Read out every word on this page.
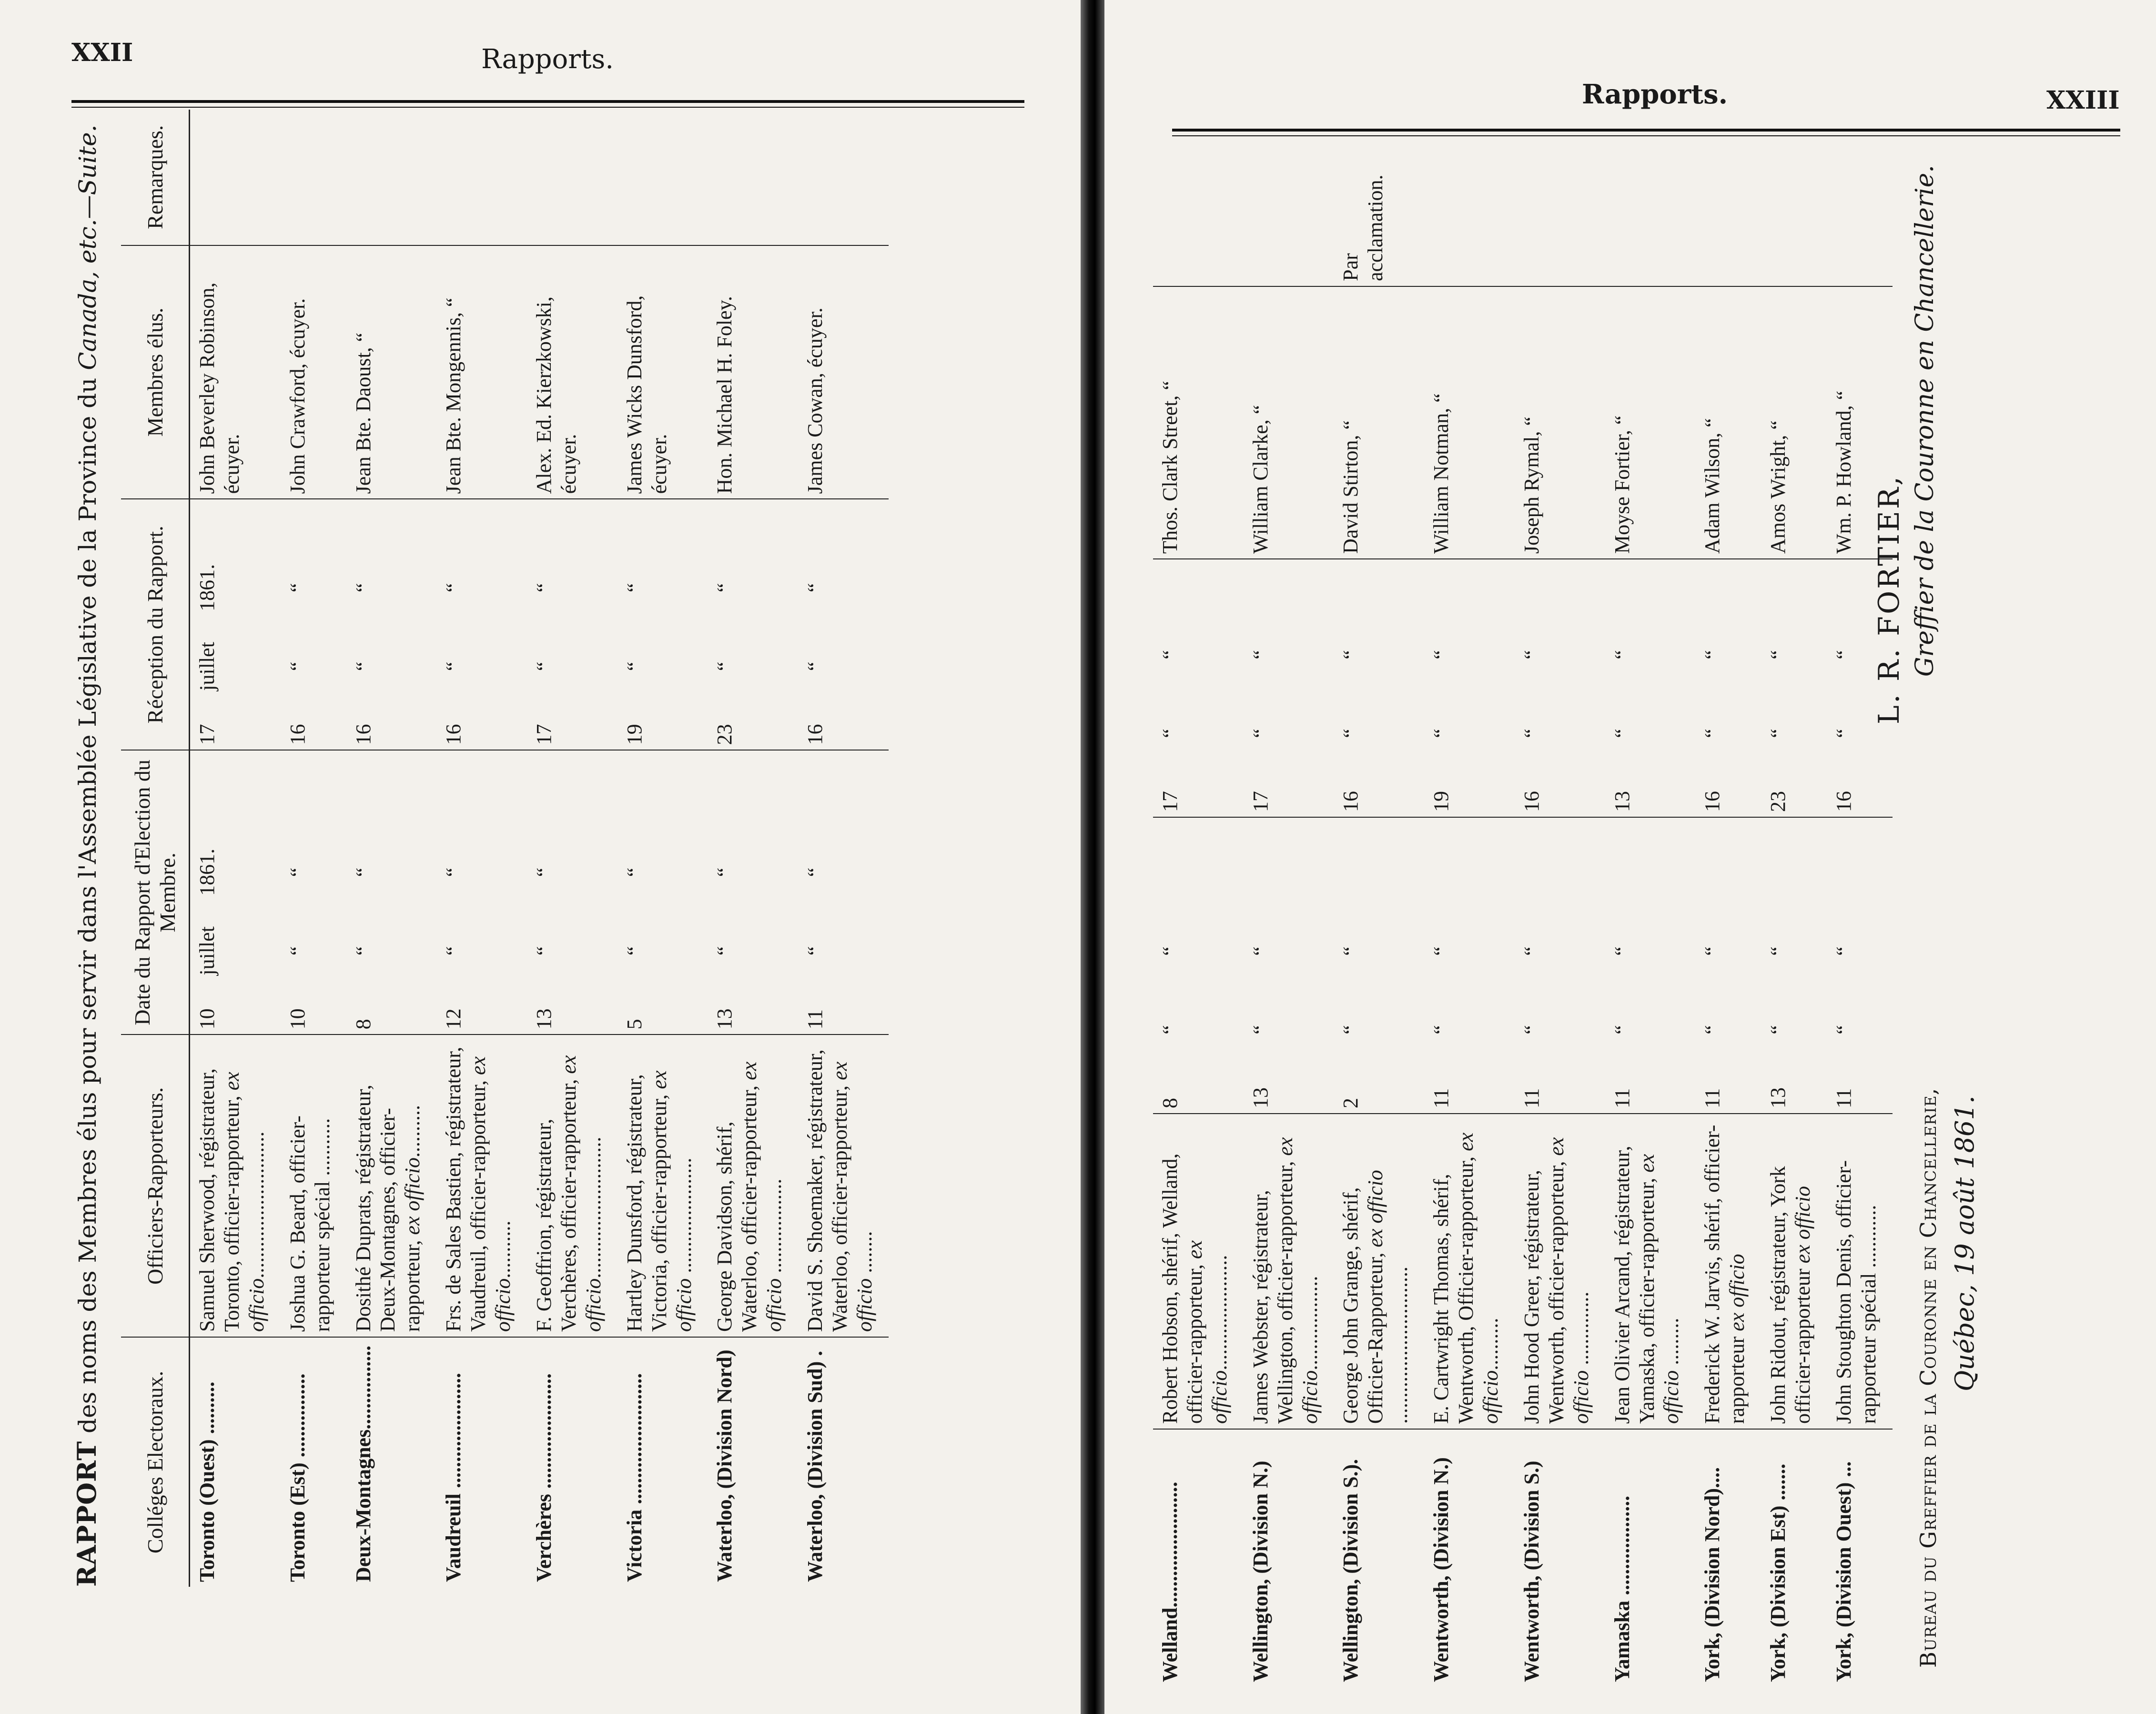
XXII	Rapports.
RAPPORT des noms des Membres élus pour servir dans l'Assemblée Législative de la Province du Canada, etc.—Suite.
Colléges Electoraux.	Officiers-Rapporteurs.	Date du Rapport d'Election du Membre.	Réception du Rapport.	Membres élus.	Remarques.
Toronto (Ouest) ..........	Samuel Sherwood, régistrateur, Toronto, officier-rapporteur, ex officio............................	10juillet1861.	17juillet1861.	John Beverley Robinson, écuyer.	
Toronto (Est) ................	Joshua G. Beard, officier-rapporteur spécial ...........	10““	16““	John Crawford, écuyer.	
Deux-Montagnes................	Dosithé Duprats, régistrateur, Deux-Montagnes, officier-rapporteur, ex officio..........	8““	16““	Jean Bte. Daoust, “	
Vaudreuil ......................	Frs. de Sales Bastien, régistrateur, Vaudreuil, officier-rapporteur, ex officio...........	12““	16““	Jean Bte. Mongennis, “	
Verchères ......................	F. Geoffrion, régistrateur, Verchères, officier-rapporteur, ex officio...........................	13““	17““	Alex. Ed. Kierzkowski, écuyer.	
Victoria .........................	Hartley Dunsford, régistrateur, Victoria, officier-rapporteur, ex officio ......................	5““	19““	James Wicks Dunsford, écuyer.	
Waterloo, (Division Nord)	George Davidson, shérif, Waterloo, officier-rapporteur, ex officio ..................	13““	23““	Hon. Michael H. Foley.	
Waterloo, (Division Sud) .	David S. Shoemaker, régistrateur, Waterloo, officier-rapporteur, ex officio ........	11““	16““	James Cowan, écuyer.	
Rapports.	XXIII
Welland........................	Robert Hobson, shérif, Welland, officier-rapporteur, ex officio......................	8““	17““	Thos. Clark Street, “	
Wellington, (Division N.)	James Webster, régistrateur, Wellington, officier-rapporteur, ex officio..................	13““	17““	William Clarke, “	
Wellington, (Division S.).	George John Grange, shérif, Officier-Rapporteur, ex officio ..............................	2““	16““	David Stirton, “	Par acclamation.
Wentworth, (Division N.)	E. Cartwright Thomas, shérif, Wentworth, Officier-rapporteur, ex officio..........	11““	19““	William Notman, “	
Wentworth, (Division S.)	John Hood Greer, régistrateur, Wentworth, officier-rapporteur, ex officio ..............	11““	16““	Joseph Rymal, “	
Yamaska ...................	Jean Olivier Arcand, régistrateur, Yamaska, officier-rapporteur, ex officio .........	11““	13““	Moyse Fortier, “	
York, (Division Nord)....	Frederick W. Jarvis, shérif, officier-rapporteur ex officio	11““	16““	Adam Wilson, “	
York, (Division Est) .......	John Ridout, régistrateur, York officier-rapporteur ex officio	13““	23““	Amos Wright, “	
York, (Division Ouest) ...	John Stoughton Denis, officier-rapporteur spécial ............	11““	16““	Wm. P. Howland, “	
L. R. FORTIER, Greffier de la Couronne en Chancellerie.
Bureau du Greffier de la Couronne en Chancellerie, Québec, 19 août 1861.
